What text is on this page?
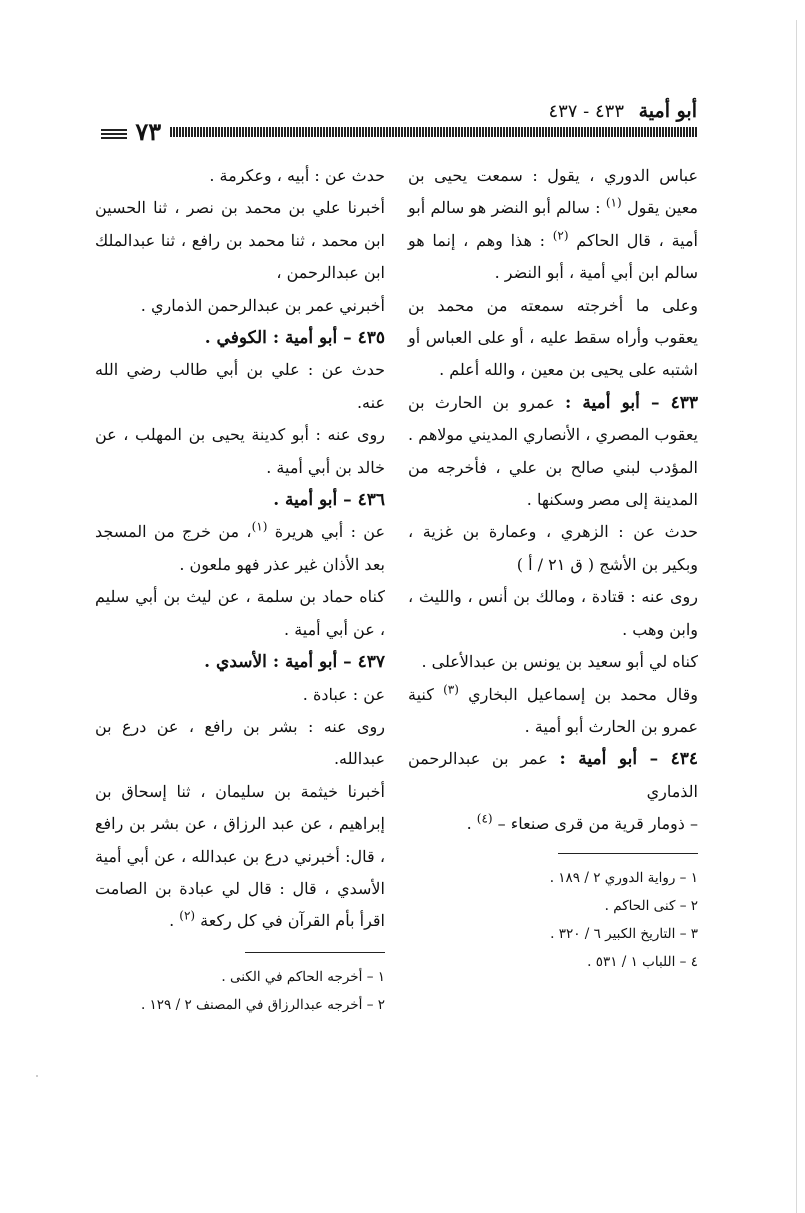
أبو أمية ٤٣٣ - ٤٣٧
٧٣

عباس الدوري ، يقول : سمعت يحيى بن معين يقول $^{(١)}$ : سالم أبو النضر هو سالم أبو أمية ، قال الحاكم $^{(٢)}$ : هذا وهم ، إنما هو سالم ابن أبي أمية ، أبو النضر .

وعلى ما أخرجته سمعته من محمد بن يعقوب وأراه سقط عليه ، أو على العباس أو اشتبه على يحيى بن معين ، والله أعلم .

٤٣٣ – أبو أمية : عمرو بن الحارث بن يعقوب المصري ، الأنصاري المديني مولاهم . المؤدب لبني صالح بن علي ، فأخرجه من المدينة إلى مصر وسكنها .

حدث عن : الزهري ، وعمارة بن غزية ، وبكير بن الأشج ( ق ٢١ / أ )

روى عنه : قتادة ، ومالك بن أنس ، والليث ، وابن وهب .

كناه لي أبو سعيد بن يونس بن عبدالأعلى .

وقال محمد بن إسماعيل البخاري $^{(٣)}$ كنية عمرو بن الحارث أبو أمية .

٤٣٤ – أبو أمية : عمر بن عبدالرحمن الذماري

– ذومار قرية من قرى صنعاء – $^{(٤)}$ .

١ – رواية الدوري ٢ / ١٨٩ .

٢ – كنى الحاكم .

٣ – التاريخ الكبير ٦ / ٣٢٠ .

٤ – اللباب ١ / ٥٣١ .

حدث عن : أبيه ، وعكرمة .

أخبرنا علي بن محمد بن نصر ، ثنا الحسين ابن محمد ، ثنا محمد بن رافع ، ثنا عبدالملك ابن عبدالرحمن ،

أخبرني عمر بن عبدالرحمن الذماري .

٤٣٥ – أبو أمية : الكوفي .

حدث عن : علي بن أبي طالب رضي الله عنه.

روى عنه : أبو كدينة يحيى بن المهلب ، عن خالد بن أبي أمية .

٤٣٦ – أبو أمية .

عن : أبي هريرة $^{(١)}$، من خرج من المسجد بعد الأذان غير عذر فهو ملعون .

كناه حماد بن سلمة ، عن ليث بن أبي سليم ، عن أبي أمية .

٤٣٧ – أبو أمية : الأسدي .

عن : عبادة .

روى عنه : بشر بن رافع ، عن درع بن عبدالله.

أخبرنا خيثمة بن سليمان ، ثنا إسحاق بن إبراهيم ، عن عبد الرزاق ، عن بشر بن رافع ، قال: أخبرني درع بن عبدالله ، عن أبي أمية الأسدي ، قال : قال لي عبادة بن الصامت اقرأ بأم القرآن في كل ركعة $^{(٢)}$ .

١ – أخرجه الحاكم في الكنى .

٢ – أخرجه عبدالرزاق في المصنف ٢ / ١٢٩ .
